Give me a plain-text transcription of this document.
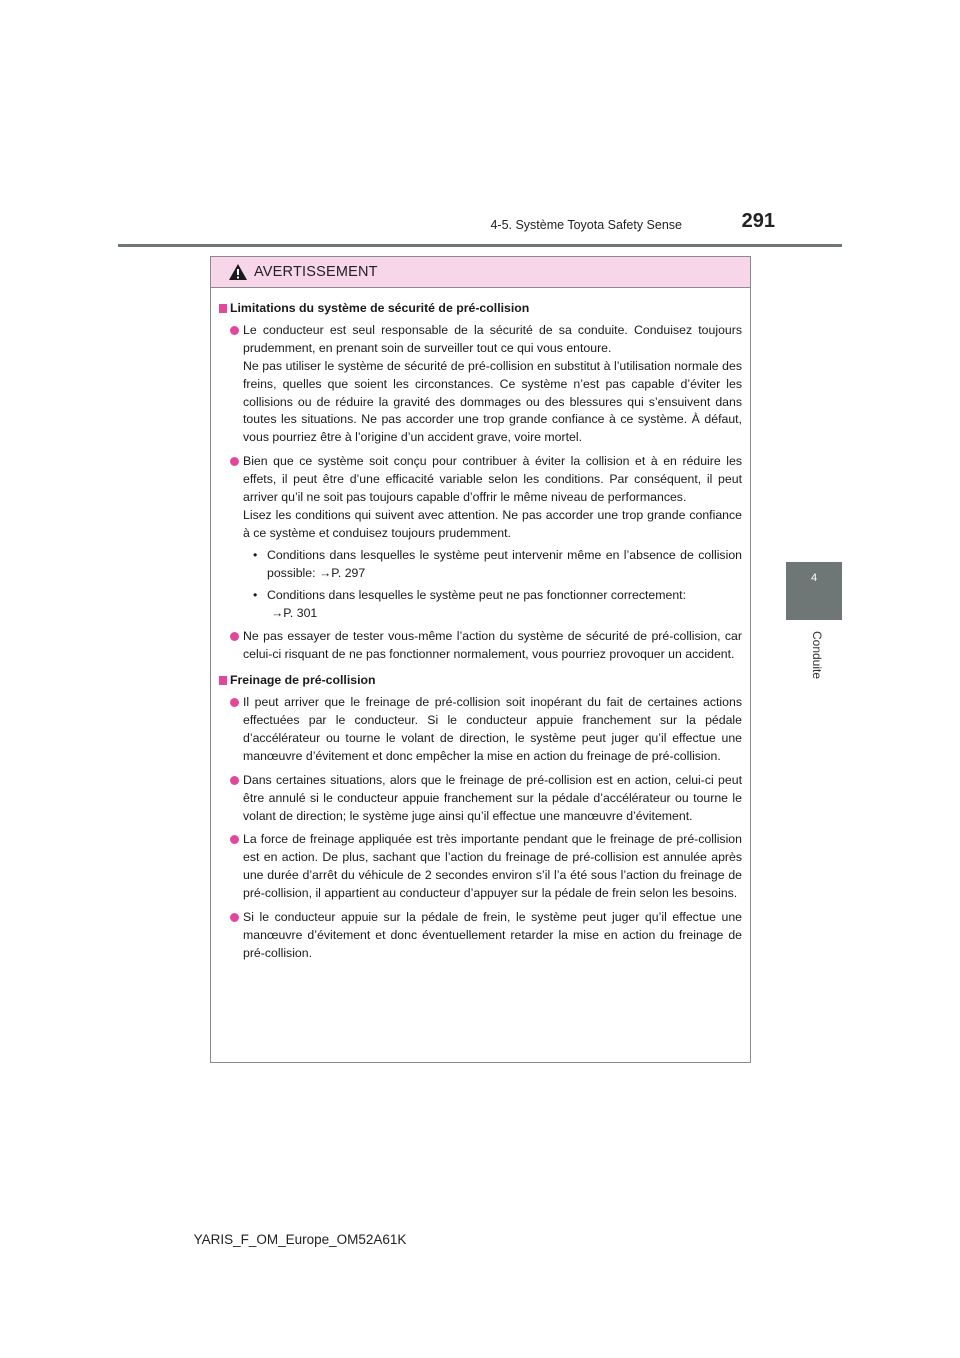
4-5. Système Toyota Safety Sense	291
4
Conduite
AVERTISSEMENT
Limitations du système de sécurité de pré-collision

Le conducteur est seul responsable de la sécurité de sa conduite. Conduisez toujours prudemment, en prenant soin de surveiller tout ce qui vous entoure.

Ne pas utiliser le système de sécurité de pré-collision en substitut à l’utilisation normale des freins, quelles que soient les circonstances. Ce système n’est pas capable d’éviter les collisions ou de réduire la gravité des dommages ou des blessures qui s’ensuivent dans toutes les situations. Ne pas accorder une trop grande confiance à ce système. À défaut, vous pourriez être à l’origine d’un accident grave, voire mortel.

Bien que ce système soit conçu pour contribuer à éviter la collision et à en réduire les effets, il peut être d’une efficacité variable selon les conditions. Par conséquent, il peut arriver qu’il ne soit pas toujours capable d’offrir le même niveau de performances.

Lisez les conditions qui suivent avec attention. Ne pas accorder une trop grande confiance à ce système et conduisez toujours prudemment.

• Conditions dans lesquelles le système peut intervenir même en l’absence de collision possible: →P. 297
• Conditions dans lesquelles le système peut ne pas fonctionner correctement:
→P. 301

Ne pas essayer de tester vous-même l’action du système de sécurité de pré-collision, car celui-ci risquant de ne pas fonctionner normalement, vous pourriez provoquer un accident.

Freinage de pré-collision

Il peut arriver que le freinage de pré-collision soit inopérant du fait de certaines actions effectuées par le conducteur. Si le conducteur appuie franchement sur la pédale d’accélérateur ou tourne le volant de direction, le système peut juger qu’il effectue une manœuvre d’évitement et donc empêcher la mise en action du freinage de pré-collision.

Dans certaines situations, alors que le freinage de pré-collision est en action, celui-ci peut être annulé si le conducteur appuie franchement sur la pédale d’accélérateur ou tourne le volant de direction; le système juge ainsi qu’il effectue une manœuvre d’évitement.

La force de freinage appliquée est très importante pendant que le freinage de pré-collision est en action. De plus, sachant que l’action du freinage de pré-collision est annulée après une durée d’arrêt du véhicule de 2 secondes environ s’il l’a été sous l’action du freinage de pré-collision, il appartient au conducteur d’appuyer sur la pédale de frein selon les besoins.

Si le conducteur appuie sur la pédale de frein, le système peut juger qu’il effectue une manœuvre d’évitement et donc éventuellement retarder la mise en action du freinage de pré-collision.

YARIS_F_OM_Europe_OM52A61K
